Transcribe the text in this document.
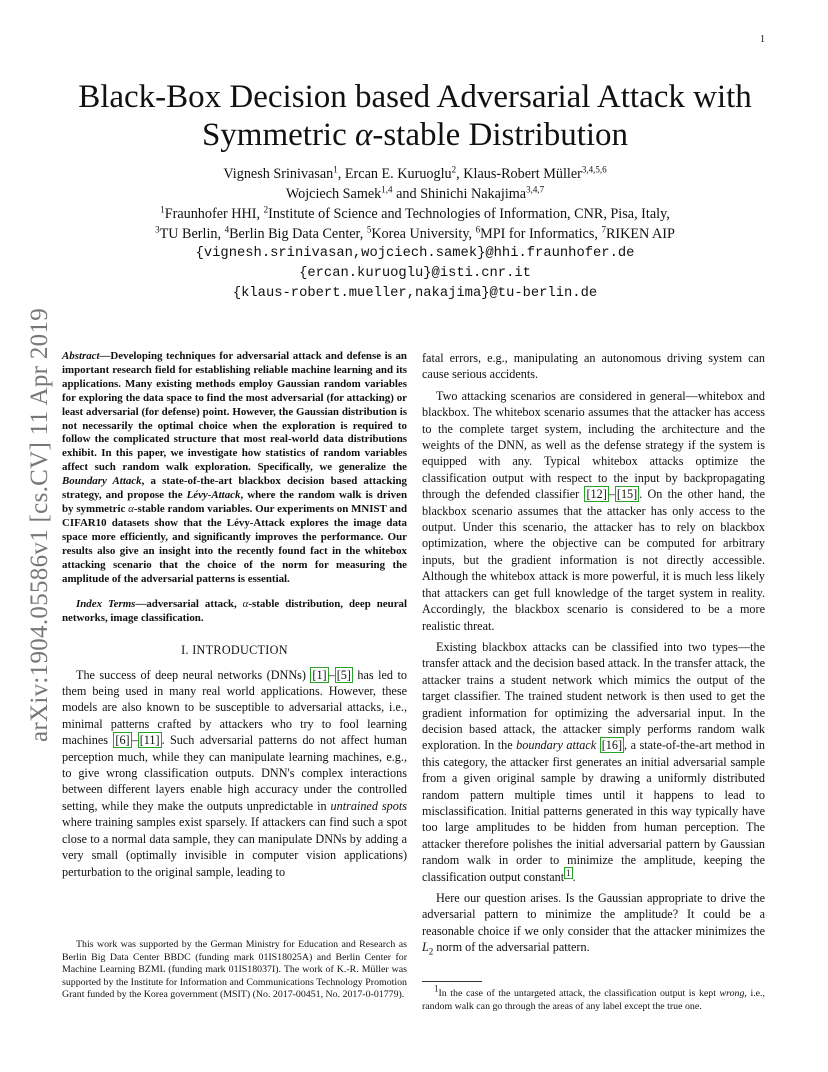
1
arXiv:1904.05586v1 [cs.CV] 11 Apr 2019
Black-Box Decision based Adversarial Attack with
Symmetric α-stable Distribution
Vignesh Srinivasan$^1$, Ercan E. Kuruoglu$^2$, Klaus-Robert Müller$^{3,4,5,6}$
Wojciech Samek$^{1,4}$ and Shinichi Nakajima$^{3,4,7}$
$^1$Fraunhofer HHI, $^2$Institute of Science and Technologies of Information, CNR, Pisa, Italy,
$^3$TU Berlin, $^4$Berlin Big Data Center, $^5$Korea University, $^6$MPI for Informatics, $^7$RIKEN AIP
{vignesh.srinivasan,wojciech.samek}@hhi.fraunhofer.de
{ercan.kuruoglu}@isti.cnr.it
{klaus-robert.mueller,nakajima}@tu-berlin.de

Abstract—Developing techniques for adversarial attack and defense is an important research field for establishing reliable machine learning and its applications. Many existing methods employ Gaussian random variables for exploring the data space to find the most adversarial (for attacking) or least adversarial (for defense) point. However, the Gaussian distribution is not necessarily the optimal choice when the exploration is required to follow the complicated structure that most real-world data distributions exhibit. In this paper, we investigate how statistics of random variables affect such random walk exploration. Specifically, we generalize the Boundary Attack, a state-of-the-art blackbox decision based attacking strategy, and propose the Lévy-Attack, where the random walk is driven by symmetric α-stable random variables. Our experiments on MNIST and CIFAR10 datasets show that the Lévy-Attack explores the image data space more efficiently, and significantly improves the performance. Our results also give an insight into the recently found fact in the whitebox attacking scenario that the choice of the norm for measuring the amplitude of the adversarial patterns is essential.

Index Terms—adversarial attack, α-stable distribution, deep neural networks, image classification.

I. INTRODUCTION

The success of deep neural networks (DNNs) [1] – [5] has led to them being used in many real world applications. However, these models are also known to be susceptible to adversarial attacks, i.e., minimal patterns crafted by attackers who try to fool learning machines [6] – [11] . Such adversarial patterns do not affect human perception much, while they can manipulate learning machines, e.g., to give wrong classification outputs. DNN's complex interactions between different layers enable high accuracy under the controlled setting, while they make the outputs unpredictable in untrained spots where training samples exist sparsely. If attackers can find such a spot close to a normal data sample, they can manipulate DNNs by adding a very small (optimally invisible in computer vision applications) perturbation to the original sample, leading to

This work was supported by the German Ministry for Education and Research as Berlin Big Data Center BBDC (funding mark 01IS18025A) and Berlin Center for Machine Learning BZML (funding mark 01IS18037I). The work of K.-R. Müller was supported by the Institute for Information and Communications Technology Promotion Grant funded by the Korea government (MSIT) (No. 2017-00451, No. 2017-0-01779).

fatal errors, e.g., manipulating an autonomous driving system can cause serious accidents.

Two attacking scenarios are considered in general—whitebox and blackbox. The whitebox scenario assumes that the attacker has access to the complete target system, including the architecture and the weights of the DNN, as well as the defense strategy if the system is equipped with any. Typical whitebox attacks optimize the classification output with respect to the input by backpropagating through the defended classifier [12] – [15] . On the other hand, the blackbox scenario assumes that the attacker has only access to the output. Under this scenario, the attacker has to rely on blackbox optimization, where the objective can be computed for arbitrary inputs, but the gradient information is not directly accessible. Although the whitebox attack is more powerful, it is much less likely that attackers can get full knowledge of the target system in reality. Accordingly, the blackbox scenario is considered to be a more realistic threat.

Existing blackbox attacks can be classified into two types—the transfer attack and the decision based attack. In the transfer attack, the attacker trains a student network which mimics the output of the target classifier. The trained student network is then used to get the gradient information for optimizing the adversarial input. In the decision based attack, the attacker simply performs random walk exploration. In the boundary attack [16] , a state-of-the-art method in this category, the attacker first generates an initial adversarial sample from a given original sample by drawing a uniformly distributed random pattern multiple times until it happens to lead to misclassification. Initial patterns generated in this way typically have too large amplitudes to be hidden from human perception. The attacker therefore polishes the initial adversarial pattern by Gaussian random walk in order to minimize the amplitude, keeping the classification output constant $^1$ .

Here our question arises. Is the Gaussian appropriate to drive the adversarial pattern to minimize the amplitude? It could be a reasonable choice if we only consider that the attacker minimizes the $L_2$ norm of the adversarial pattern.

$^1$In the case of the untargeted attack, the classification output is kept wrong, i.e., random walk can go through the areas of any label except the true one.
